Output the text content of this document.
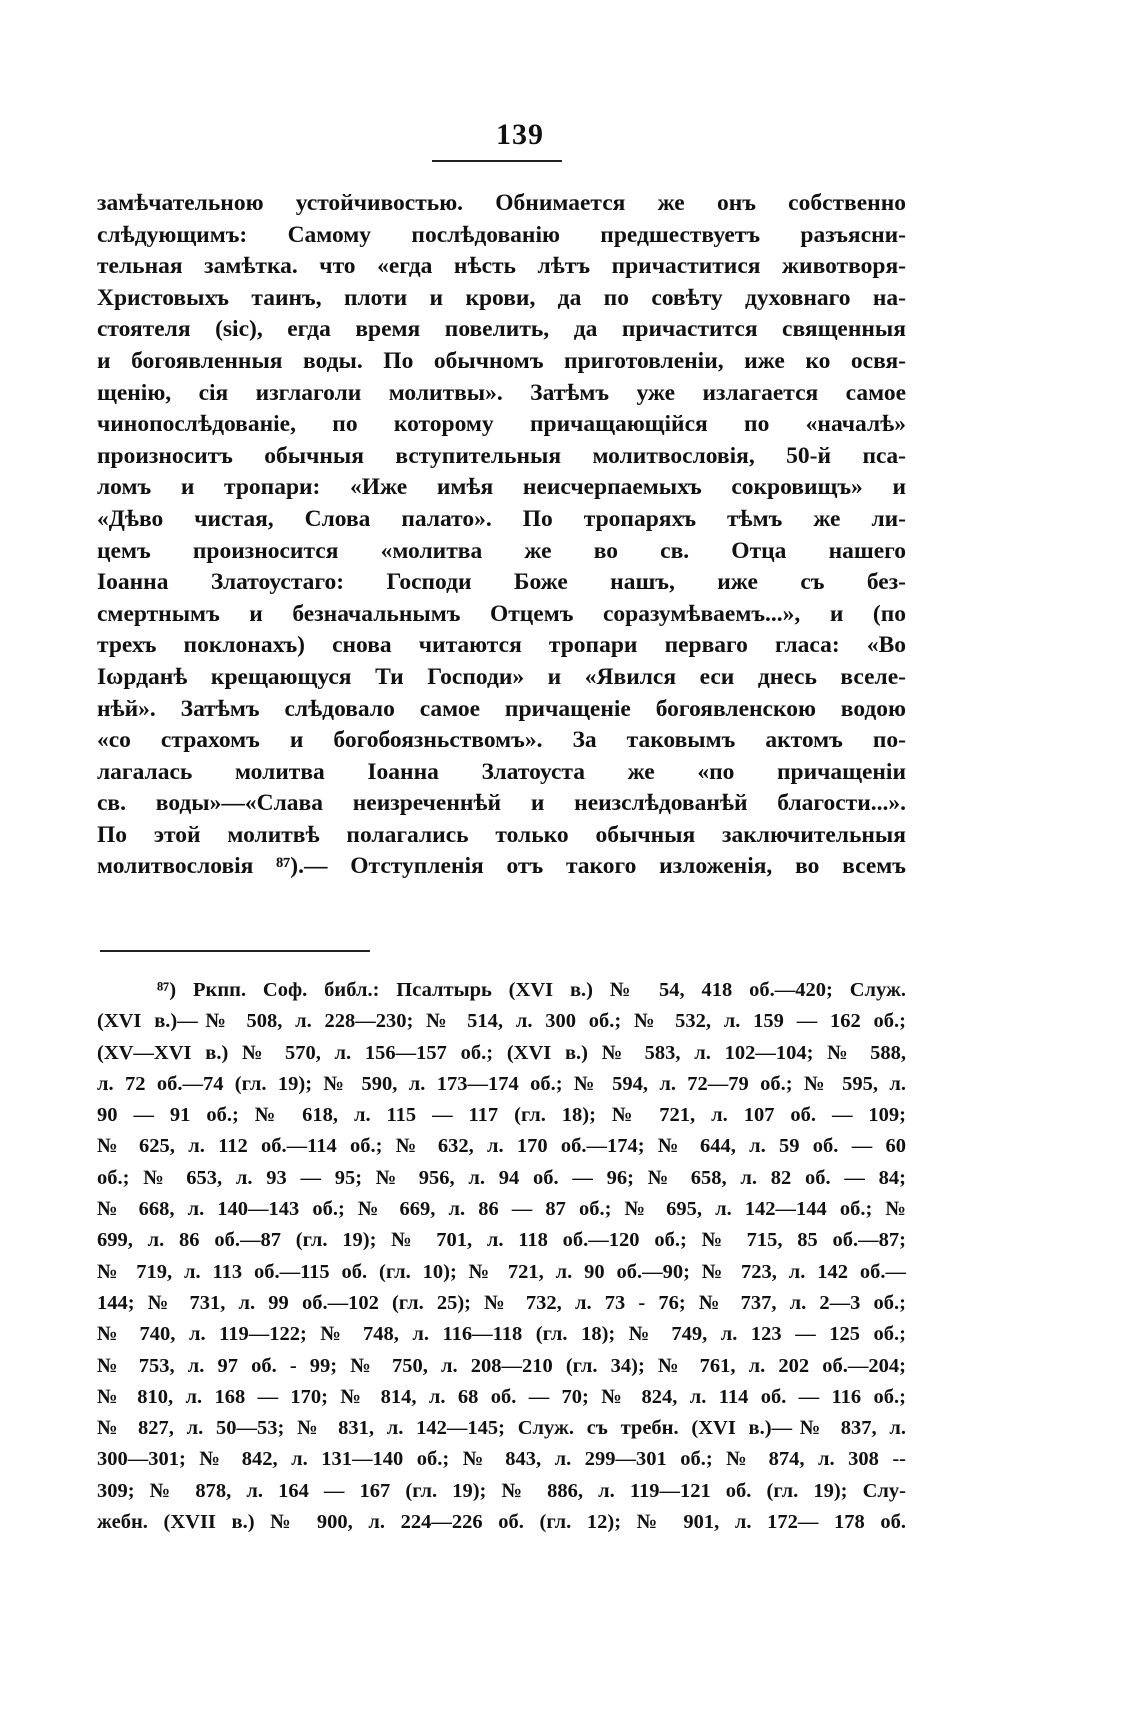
139
замѣчательною устойчивостью. Обнимается же онъ собственно
слѣдующимъ: Самому послѣдованію предшествуетъ разъясни-
тельная замѣтка. что «егда нѣсть лѣтъ причаститися животворя-
Христовыхъ таинъ, плоти и крови, да по совѣту духовнаго на-
стоятеля (sic), егда время повелить, да причастится священныя
и богоявленныя воды. По обычномъ приготовленіи, иже ко освя-
щенію, сія изглаголи молитвы». Затѣмъ уже излагается самое
чинопослѣдованіе, по которому причащающійся по «началѣ»
произноситъ обычныя вступительныя молитвословія, 50-й псa-
ломъ и тропари: «Иже имѣя неисчерпаемыхъ сокровищъ» и
«Дѣво чистая, Слова палато». По тропаряхъ тѣмъ же ли-
цемъ произносится «молитва же во св. Отца нашего
Іоанна Златоустаго: Господи Боже нашъ, иже съ без-
смертнымъ и безначальнымъ Отцемъ соразумѣваемъ...», и (по
трехъ поклонахъ) снова читаются тропари перваго гласа: «Во
Іωрданѣ крещающуся Ти Господи» и «Явился еси днесь вселе-
нѣй». Затѣмъ слѣдовало самое причащеніе богоявленскою водою
«со страхомъ и богобоязньствомъ». За таковымъ актомъ по-
лагалась молитва Іоанна Златоуста же «по причащеніи
св. воды»—«Слава неизреченнѣй и неизслѣдованѣй благости...».
По этой молитвѣ полагались только обычныя заключительныя
молитвословія ⁸⁷).— Отступленія отъ такого изложенія, во всемъ
⁸⁷) Ркпп. Соф. библ.: Псалтырь (XVI в.) № 54, 418 об.—420; Служ.
(XVI в.)—№ 508, л. 228—230; № 514, л. 300 об.; № 532, л. 159 — 162 об.;
(XV—XVI в.) № 570, л. 156—157 об.; (XVI в.) № 583, л. 102—104; № 588,
л. 72 об.—74 (гл. 19); № 590, л. 173—174 об.; № 594, л. 72—79 об.; № 595, л.
90 — 91 об.; № 618, л. 115 — 117 (гл. 18); № 721, л. 107 об. — 109;
№ 625, л. 112 об.—114 об.; № 632, л. 170 об.—174; № 644, л. 59 об. — 60
об.; № 653, л. 93 — 95; № 956, л. 94 об. — 96; № 658, л. 82 об. — 84;
№ 668, л. 140—143 об.; № 669, л. 86 — 87 об.; № 695, л. 142—144 об.; №
699, л. 86 об.—87 (гл. 19); № 701, л. 118 об.—120 об.; № 715, 85 об.—87;
№ 719, л. 113 об.—115 об. (гл. 10); № 721, л. 90 об.—90; № 723, л. 142 об.—
144; № 731, л. 99 об.—102 (гл. 25); № 732, л. 73 - 76; № 737, л. 2—3 об.;
№ 740, л. 119—122; № 748, л. 116—118 (гл. 18); № 749, л. 123 — 125 об.;
№ 753, л. 97 об. - 99; № 750, л. 208—210 (гл. 34); № 761, л. 202 об.—204;
№ 810, л. 168 — 170; № 814, л. 68 об. — 70; № 824, л. 114 об. — 116 об.;
№ 827, л. 50—53; № 831, л. 142—145; Служ. съ требн. (XVI в.)—№ 837, л.
300—301; № 842, л. 131—140 об.; № 843, л. 299—301 об.; № 874, л. 308 --
309; № 878, л. 164 — 167 (гл. 19); № 886, л. 119—121 об. (гл. 19); Слу-
жебн. (XVII в.) № 900, л. 224—226 об. (гл. 12); № 901, л. 172— 178 об.
